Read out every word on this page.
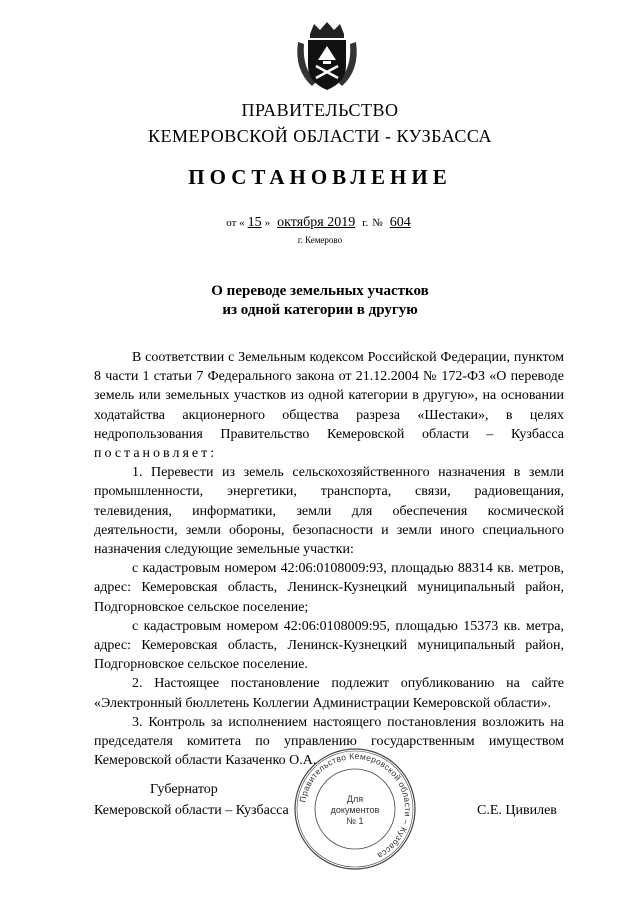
ПРАВИТЕЛЬСТВО
КЕМЕРОВСКОЙ ОБЛАСТИ - КУЗБАССА
ПОСТАНОВЛЕНИЕ
от « 15 » октября 2019 г. № 604
г. Кемерово
О переводе земельных участков
из одной категории в другую

В соответствии с Земельным кодексом Российской Федерации, пунктом 8 части 1 статьи 7 Федерального закона от 21.12.2004 № 172-ФЗ «О переводе земель или земельных участков из одной категории в другую», на основании ходатайства акционерного общества разреза «Шестаки», в целях недропользования Правительство Кемеровской области – Кузбасса постановляет:

1. Перевести из земель сельскохозяйственного назначения в земли промышленности, энергетики, транспорта, связи, радиовещания, телевидения, информатики, земли для обеспечения космической деятельности, земли обороны, безопасности и земли иного специального назначения следующие земельные участки:

с кадастровым номером 42:06:0108009:93, площадью 88314 кв. метров, адрес: Кемеровская область, Ленинск-Кузнецкий муниципальный район, Подгорновское сельское поселение;

с кадастровым номером 42:06:0108009:95, площадью 15373 кв. метра, адрес: Кемеровская область, Ленинск-Кузнецкий муниципальный район, Подгорновское сельское поселение.

2. Настоящее постановление подлежит опубликованию на сайте «Электронный бюллетень Коллегии Администрации Кемеровской области».

3. Контроль за исполнением настоящего постановления возложить на председателя комитета по управлению государственным имуществом Кемеровской области Казаченко О.А.

Губернатор
Кемеровской области – Кузбасса	С.Е. Цивилев
Правительство Кемеровской области – Кузбасса
Для
документов
№ 1
